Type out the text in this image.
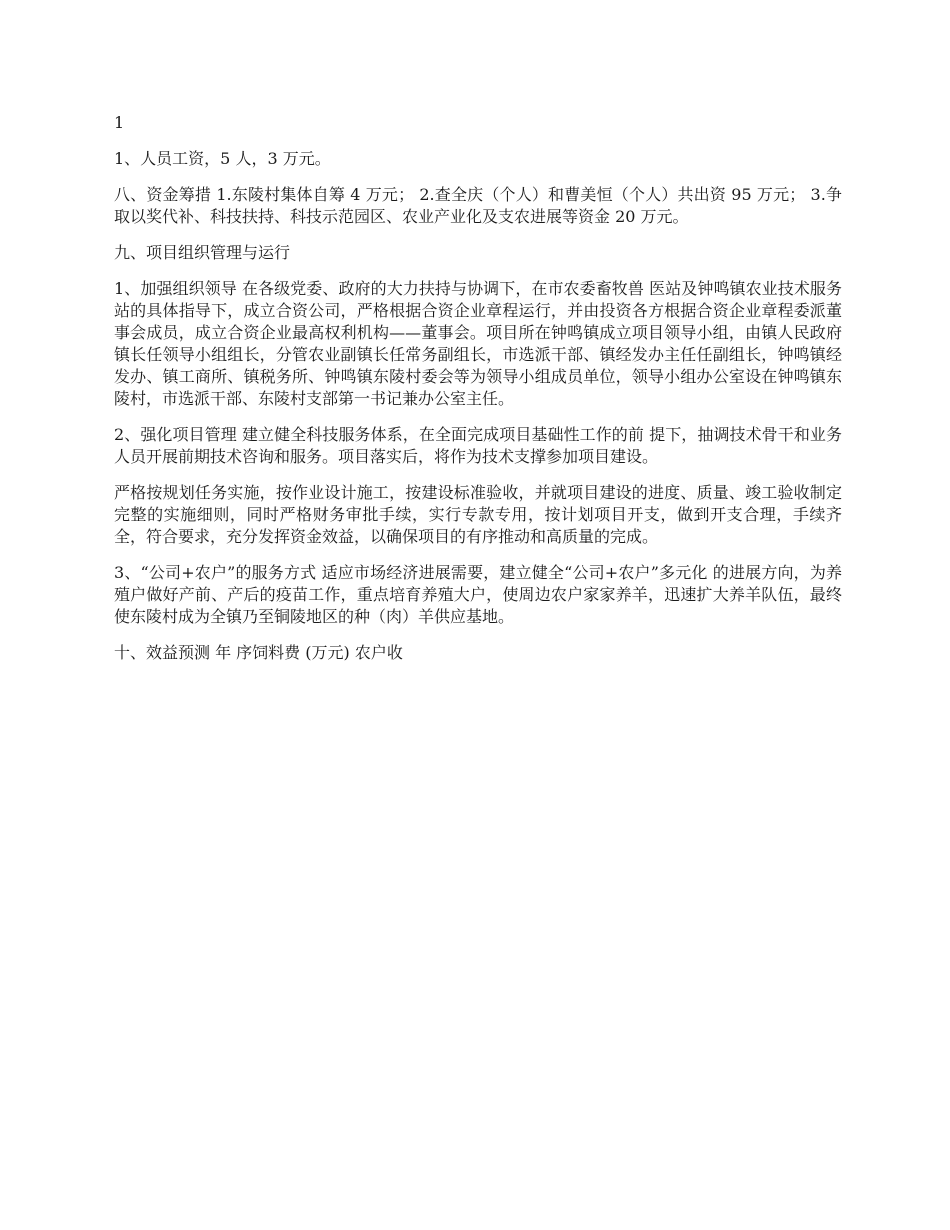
1

1、人员工资，5 人，3 万元。

八、资金筹措 1.东陵村集体自筹 4 万元； 2.查全庆（个人）和曹美恒（个人）共出资 95 万元； 3.争取以奖代补、科技扶持、科技示范园区、农业产业化及支农进展等资金 20 万元。

九、项目组织管理与运行

1、加强组织领导 在各级党委、政府的大力扶持与协调下，在市农委畜牧兽 医站及钟鸣镇农业技术服务站的具体指导下，成立合资公司，严格根据合资企业章程运行，并由投资各方根据合资企业章程委派董事会成员，成立合资企业最高权利机构——董事会。项目所在钟鸣镇成立项目领导小组，由镇人民政府镇长任领导小组组长，分管农业副镇长任常务副组长，市选派干部、镇经发办主任任副组长，钟鸣镇经发办、镇工商所、镇税务所、钟鸣镇东陵村委会等为领导小组成员单位，领导小组办公室设在钟鸣镇东陵村，市选派干部、东陵村支部第一书记兼办公室主任。

2、强化项目管理 建立健全科技服务体系，在全面完成项目基础性工作的前 提下，抽调技术骨干和业务人员开展前期技术咨询和服务。项目落实后，将作为技术支撑参加项目建设。

严格按规划任务实施，按作业设计施工，按建设标准验收，并就项目建设的进度、质量、竣工验收制定完整的实施细则，同时严格财务审批手续，实行专款专用，按计划项目开支，做到开支合理，手续齐全，符合要求，充分发挥资金效益，以确保项目的有序推动和高质量的完成。

3、“公司+农户”的服务方式 适应市场经济进展需要，建立健全“公司+农户”多元化 的进展方向，为养殖户做好产前、产后的疫苗工作，重点培育养殖大户，使周边农户家家养羊，迅速扩大养羊队伍，最终使东陵村成为全镇乃至铜陵地区的种（肉）羊供应基地。

十、效益预测 年 序饲料费 (万元) 农户收
